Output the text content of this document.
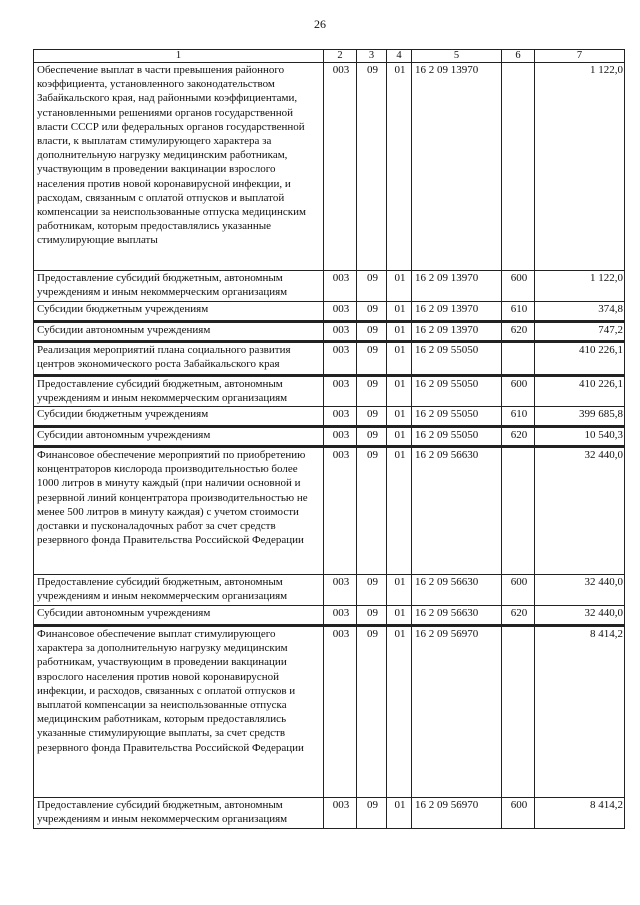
26
1	2	3	4	5	6	7
Обеспечение выплат в части превышения районного коэффициента, установленного законодательством Забайкальского края, над районными коэффициентами, установленными решениями органов государственной власти СССР или федеральных органов государственной власти, к выплатам стимулирующего характера за дополнительную нагрузку медицинским работникам, участвующим в проведении вакцинации взрослого населения против новой коронавирусной инфекции, и расходам, связанным с оплатой отпусков и выплатой компенсации за неиспользованные отпуска медицинским работникам, которым предоставлялись указанные стимулирующие выплаты	003	09	01	16 2 09 13970		1 122,0
Предоставление субсидий бюджетным, автономным учреждениям и иным некоммерческим организациям	003	09	01	16 2 09 13970	600	1 122,0
Субсидии бюджетным учреждениям	003	09	01	16 2 09 13970	610	374,8
Субсидии автономным учреждениям	003	09	01	16 2 09 13970	620	747,2
Реализация мероприятий плана социального развития центров экономического роста Забайкальского края	003	09	01	16 2 09 55050		410 226,1
Предоставление субсидий бюджетным, автономным учреждениям и иным некоммерческим организациям	003	09	01	16 2 09 55050	600	410 226,1
Субсидии бюджетным учреждениям	003	09	01	16 2 09 55050	610	399 685,8
Субсидии автономным учреждениям	003	09	01	16 2 09 55050	620	10 540,3
Финансовое обеспечение мероприятий по приобретению концентраторов кислорода производительностью более 1000 литров в минуту каждый (при наличии основной и резервной линий концентратора производительностью не менее 500 литров в минуту каждая) с учетом стоимости доставки и пусконаладочных работ за счет средств резервного фонда Правительства Российской Федерации	003	09	01	16 2 09 56630		32 440,0
Предоставление субсидий бюджетным, автономным учреждениям и иным некоммерческим организациям	003	09	01	16 2 09 56630	600	32 440,0
Субсидии автономным учреждениям	003	09	01	16 2 09 56630	620	32 440,0
Финансовое обеспечение выплат стимулирующего характера за дополнительную нагрузку медицинским работникам, участвующим в проведении вакцинации взрослого населения против новой коронавирусной инфекции, и расходов, связанных с оплатой отпусков и выплатой компенсации за неиспользованные отпуска медицинским работникам, которым предоставлялись указанные стимулирующие выплаты, за счет средств резервного фонда Правительства Российской Федерации	003	09	01	16 2 09 56970		8 414,2
Предоставление субсидий бюджетным, автономным учреждениям и иным некоммерческим организациям	003	09	01	16 2 09 56970	600	8 414,2
